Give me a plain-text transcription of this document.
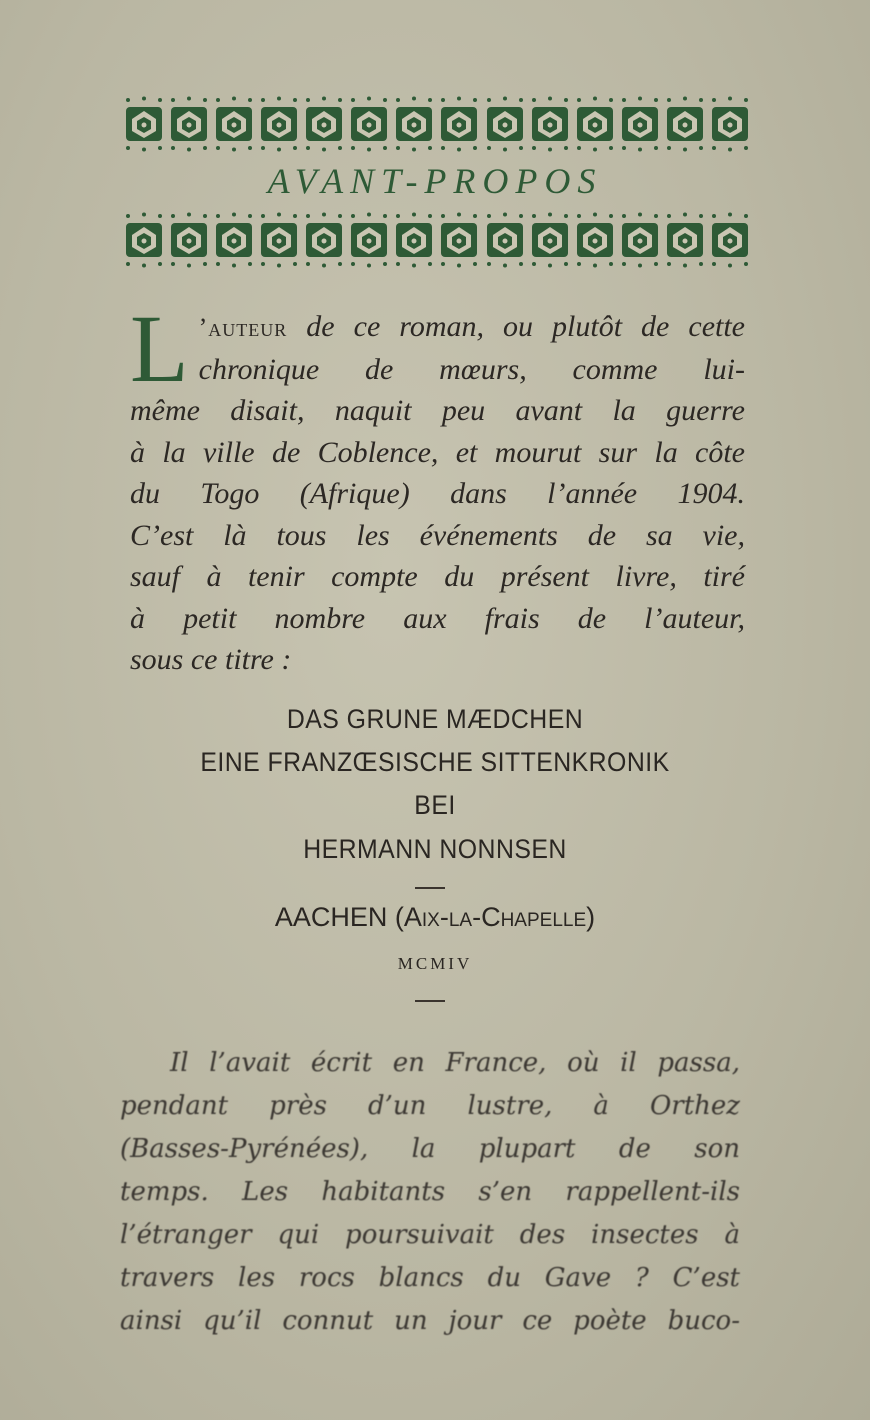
AVANT-PROPOS
L ’auteur de ce roman, ou plutôt de cette
chronique de mœurs, comme lui-
même disait, naquit peu avant la guerre
à la ville de Coblence, et mourut sur la côte
du Togo (Afrique) dans l’année 1904.
C’est là tous les événements de sa vie,
sauf à tenir compte du présent livre, tiré
à petit nombre aux frais de l’auteur,
sous ce titre :
DAS GRUNE MÆDCHEN
EINE FRANZŒSISCHE SITTENKRONIK
BEI
HERMANN NONNSEN
AACHEN (Aix-la-Chapelle)
MCMIV
Il l’avait écrit en France, où il passa,
pendant près d’un lustre, à Orthez
(Basses-Pyrénées), la plupart de son
temps. Les habitants s’en rappellent-ils
l’étranger qui poursuivait des insectes à
travers les rocs blancs du Gave ? C’est
ainsi qu’il connut un jour ce poète buco-
